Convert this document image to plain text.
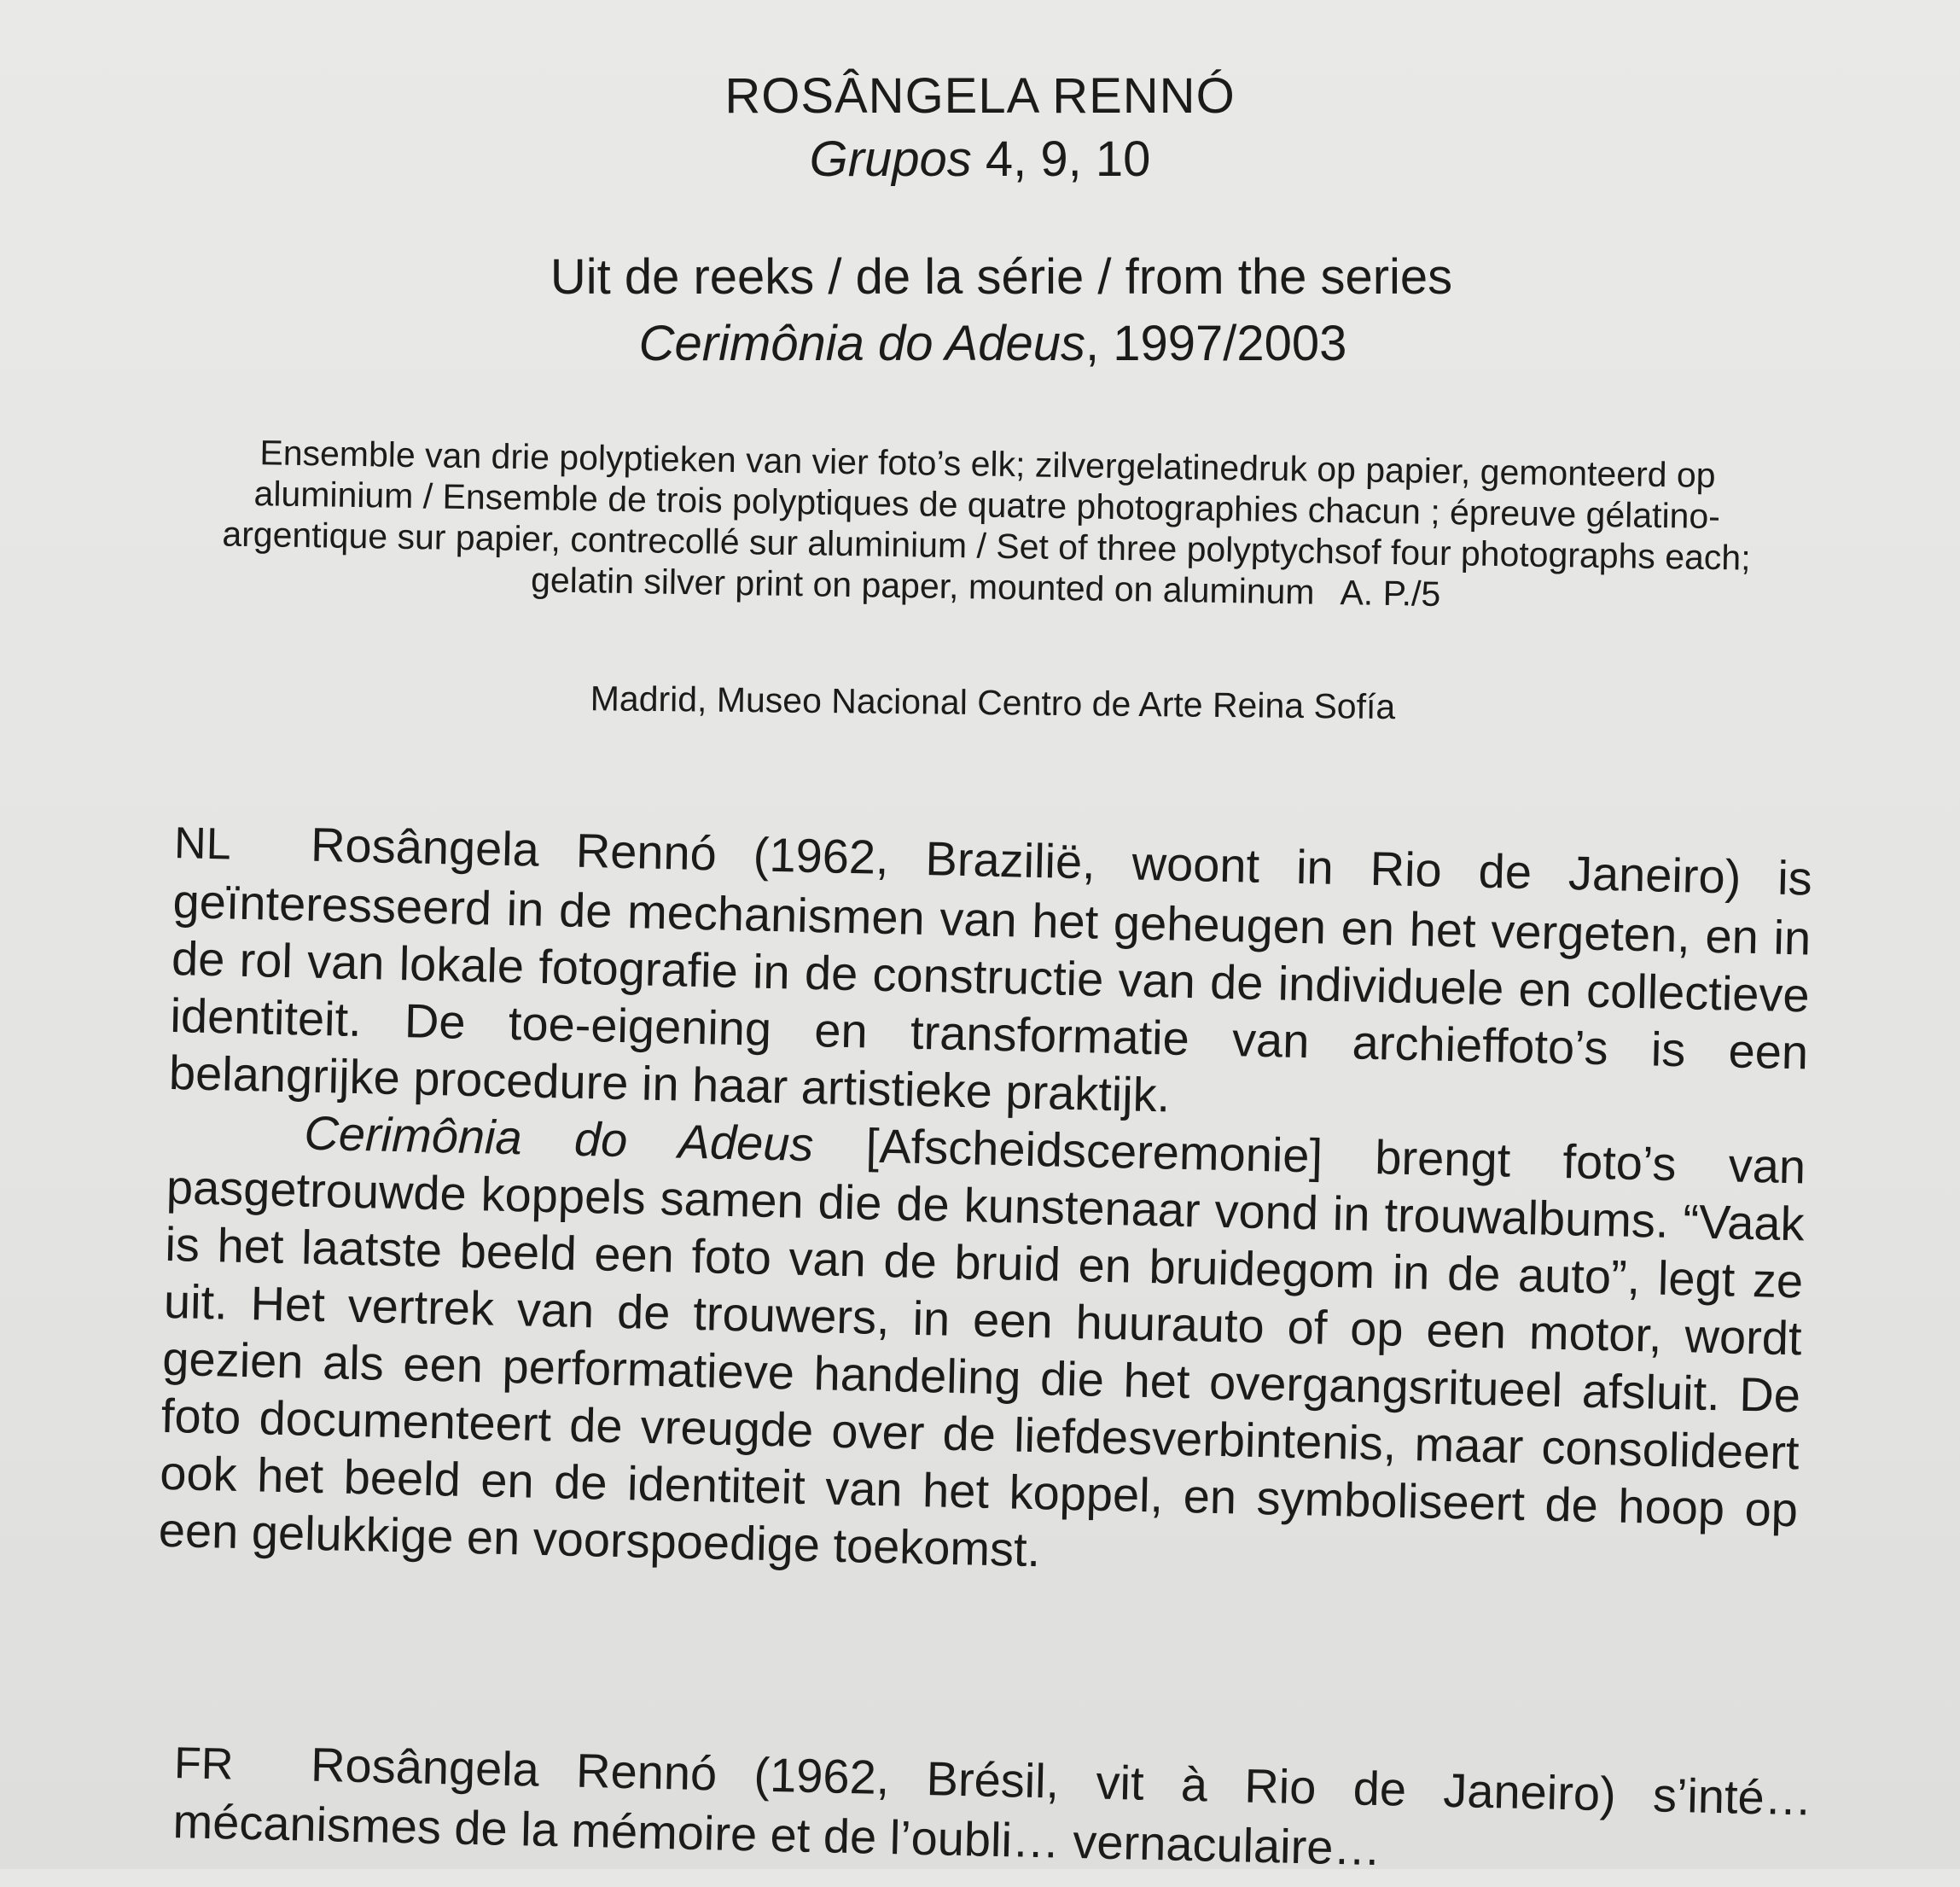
ROSÂNGELA RENNÓ
Grupos 4, 9, 10
Uit de reeks / de la série / from the series
Cerimônia do Adeus, 1997/2003
Ensemble van drie polyptieken van vier foto’s elk; zilvergelatinedruk op papier, gemonteerd op aluminium / Ensemble de trois polyptiques de quatre photographies chacun ; épreuve gélatino-argentique sur papier, contrecollé sur aluminium / Set of three polyptychsof four photographs each; gelatin silver print on paper, mounted on aluminum A. P./5
Madrid, Museo Nacional Centro de Arte Reina Sofía

NL Rosângela Rennó (1962, Brazilië, woont in Rio de Janeiro) is geïnteresseerd in de mechanismen van het geheugen en het vergeten, en in de rol van lokale fotografie in de constructie van de individuele en collectieve identiteit. De toe-eigening en transformatie van archieffoto’s is een belangrijke procedure in haar artistieke praktijk.

Cerimônia do Adeus [Afscheidsceremonie] brengt foto’s van pasgetrouwde koppels samen die de kunstenaar vond in trouwalbums. “Vaak is het laatste beeld een foto van de bruid en bruidegom in de auto”, legt ze uit. Het vertrek van de trouwers, in een huurauto of op een motor, wordt gezien als een performatieve handeling die het overgangsritueel afsluit. De foto documenteert de vreugde over de liefdesverbintenis, maar consolideert ook het beeld en de identiteit van het koppel, en symboliseert de hoop op een gelukkige en voorspoedige toekomst.

FR Rosângela Rennó (1962, Brésil, vit à Rio de Janeiro) s’inté… mécanismes de la mémoire et de l’oubli… vernaculaire…
